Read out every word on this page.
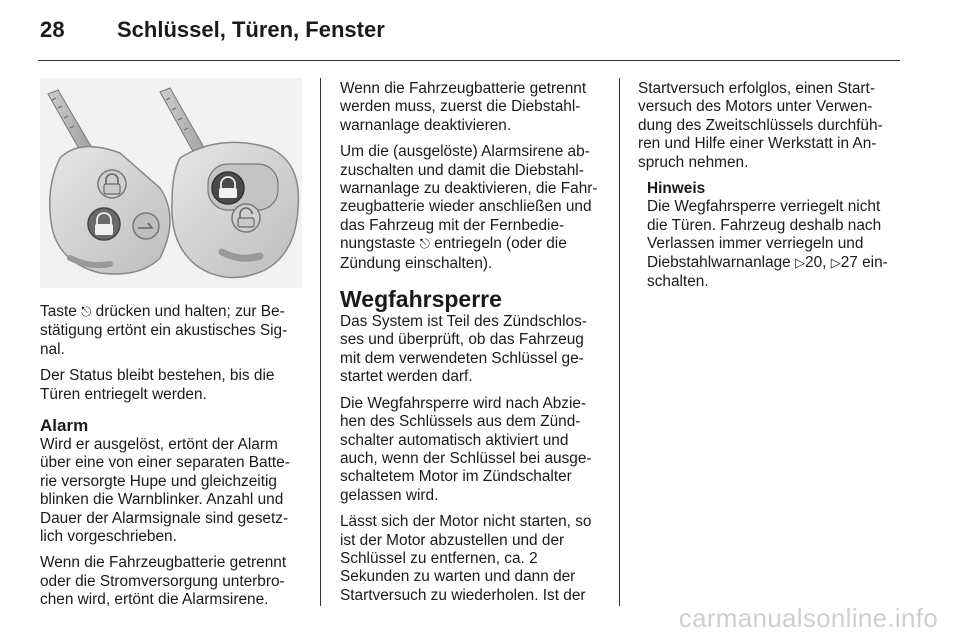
28 Schlüssel, Türen, Fenster

Taste ⎋ drücken und halten; zur Be-stätigung ertönt ein akustisches Sig-nal.

Der Status bleibt bestehen, bis die Türen entriegelt werden.

Alarm

Wird er ausgelöst, ertönt der Alarm über eine von einer separaten Batte-rie versorgte Hupe und gleichzeitig blinken die Warnblinker. Anzahl und Dauer der Alarmsignale sind gesetz-lich vorgeschrieben.

Wenn die Fahrzeugbatterie getrennt oder die Stromversorgung unterbro-chen wird, ertönt die Alarmsirene.

Wenn die Fahrzeugbatterie getrennt werden muss, zuerst die Diebstahl-warnanlage deaktivieren.

Um die (ausgelöste) Alarmsirene ab-zuschalten und damit die Diebstahl-warnanlage zu deaktivieren, die Fahr-zeugbatterie wieder anschließen und das Fahrzeug mit der Fernbedie-nungstaste ⎋ entriegeln (oder die Zündung einschalten).

Wegfahrsperre

Das System ist Teil des Zündschlos-ses und überprüft, ob das Fahrzeug mit dem verwendeten Schlüssel ge-startet werden darf.

Die Wegfahrsperre wird nach Abzie-hen des Schlüssels aus dem Zünd-schalter automatisch aktiviert und auch, wenn der Schlüssel bei ausge-schaltetem Motor im Zündschalter gelassen wird.

Lässt sich der Motor nicht starten, so ist der Motor abzustellen und der Schlüssel zu entfernen, ca. 2 Sekunden zu warten und dann der Startversuch zu wiederholen. Ist der

Startversuch erfolglos, einen Start-versuch des Motors unter Verwen-dung des Zweitschlüssels durchfüh-ren und Hilfe einer Werkstatt in An-spruch nehmen.

Hinweis
Die Wegfahrsperre verriegelt nicht die Türen. Fahrzeug deshalb nach Verlassen immer verriegeln und Diebstahlwarnanlage ▷20, ▷27 ein-schalten.
carmanualsonline.info
